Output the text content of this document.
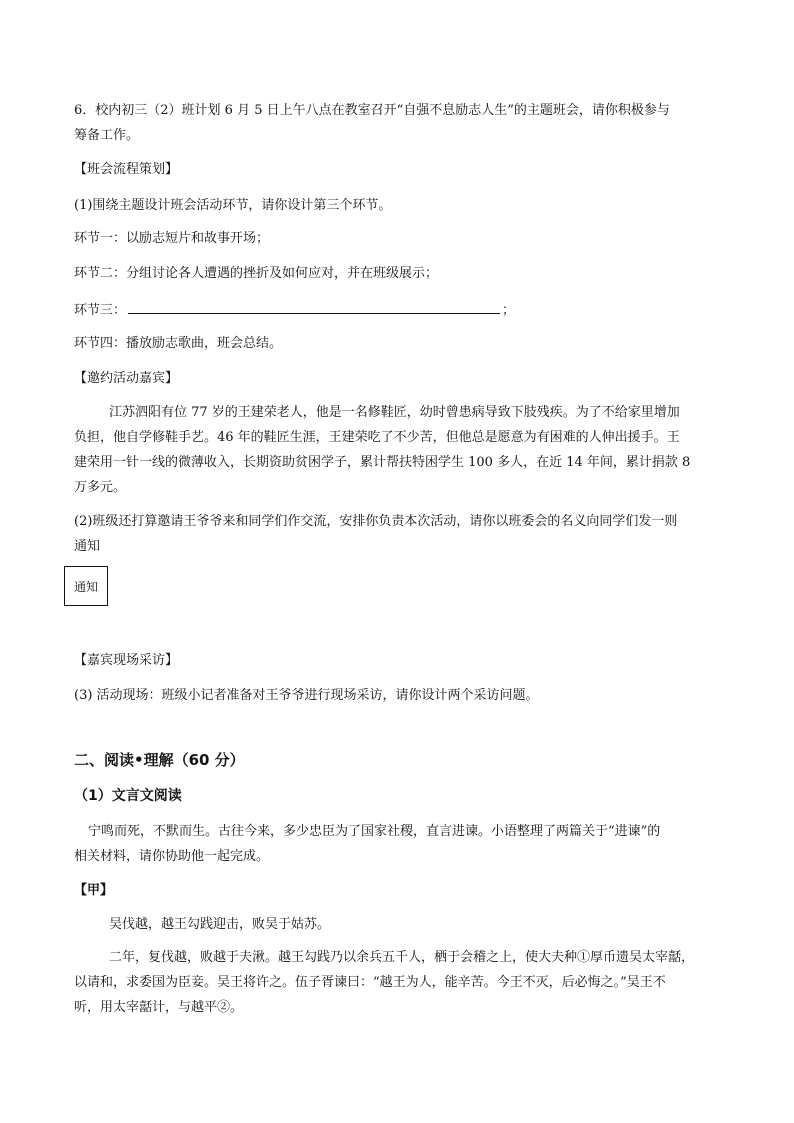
6．校内初三（2）班计划 6 月 5 日上午八点在教室召开“自强不息励志人生”的主题班会，请你积极参与
筹备工作。
【班会流程策划】
(1)围绕主题设计班会活动环节，请你设计第三个环节。
环节一：以励志短片和故事开场；
环节二：分组讨论各人遭遇的挫折及如何应对，并在班级展示；
环节三：	；
环节四：播放励志歌曲，班会总结。
【邀约活动嘉宾】
江苏泗阳有位 77 岁的王建荣老人，他是一名修鞋匠，幼时曾患病导致下肢残疾。为了不给家里增加
负担，他自学修鞋手艺。46 年的鞋匠生涯，王建荣吃了不少苦，但他总是愿意为有困难的人伸出援手。王
建荣用一针一线的微薄收入，长期资助贫困学子，累计帮扶特困学生 100 多人，在近 14 年间，累计捐款 8
万多元。
(2)班级还打算邀请王爷爷来和同学们作交流，安排你负责本次活动，请你以班委会的名义向同学们发一则
通知
通知
【嘉宾现场采访】
(3) 活动现场：班级小记者准备对王爷爷进行现场采访，请你设计两个采访问题。
二、阅读•理解（60 分）
（1）文言文阅读
宁鸣而死，不默而生。古往今来，多少忠臣为了国家社稷，直言进谏。小语整理了两篇关于“进谏”的
相关材料，请你协助他一起完成。
【甲】
吴伐越，越王勾践迎击，败吴于姑苏。
二年，复伐越，败越于夫湫。越王勾践乃以余兵五千人，栖于会稽之上，使大夫种①厚币遗吴太宰嚭，
以请和，求委国为臣妾。吴王将许之。伍子胥谏曰：“越王为人，能辛苦。今王不灭，后必悔之。”吴王不
听，用太宰嚭计，与越平②。
